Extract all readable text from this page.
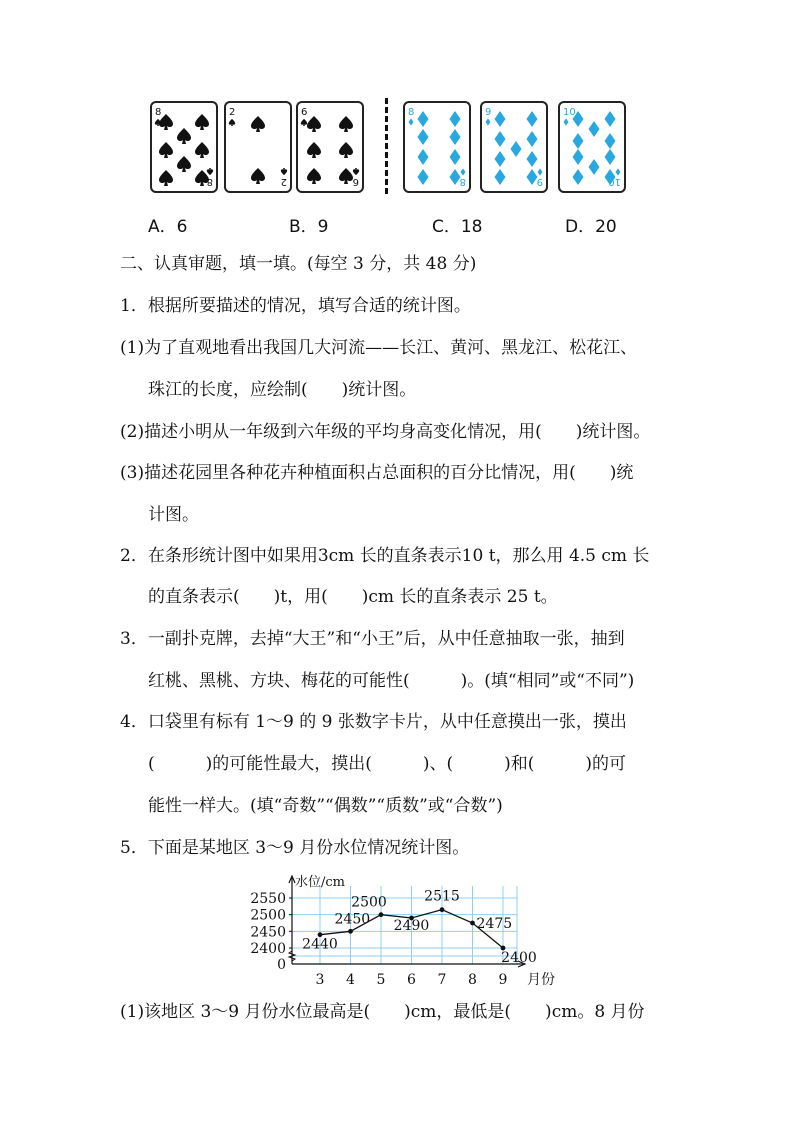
8
8
2
2
6
6
8
8
9
9
10
10
A．6	B．9	C．18	D．20
二、认真审题，填一填。(每空 3 分，共 48 分)
1．根据所要描述的情况，填写合适的统计图。
(1)为了直观地看出我国几大河流——长江、黄河、黑龙江、松花江、
珠江的长度，应绘制(　　)统计图。
(2)描述小明从一年级到六年级的平均身高变化情况，用(　　)统计图。
(3)描述花园里各种花卉种植面积占总面积的百分比情况，用(　　)统
计图。
2．在条形统计图中如果用3cm 长的直条表示10 t，那么用 4.5 cm 长
的直条表示(　　)t，用(　　)cm 长的直条表示 25 t。
3．一副扑克牌，去掉“大王”和“小王”后，从中任意抽取一张，抽到
红桃、黑桃、方块、梅花的可能性(　　　)。(填“相同”或“不同”)
4．口袋里有标有 1～9 的 9 张数字卡片，从中任意摸出一张，摸出
(　　　)的可能性最大，摸出(　　　)、(　　　)和(　　　)的可
能性一样大。(填“奇数”“偶数”“质数”或“合数”)
5．下面是某地区 3～9 月份水位情况统计图。
2550
2500
2450
2400
0
3 4 5 6 7 8 9
水位/cm
月份
2440
2450
2500
2490
2515
2475
2400
(1)该地区 3～9 月份水位最高是(　　)cm，最低是(　　)cm。8 月份
